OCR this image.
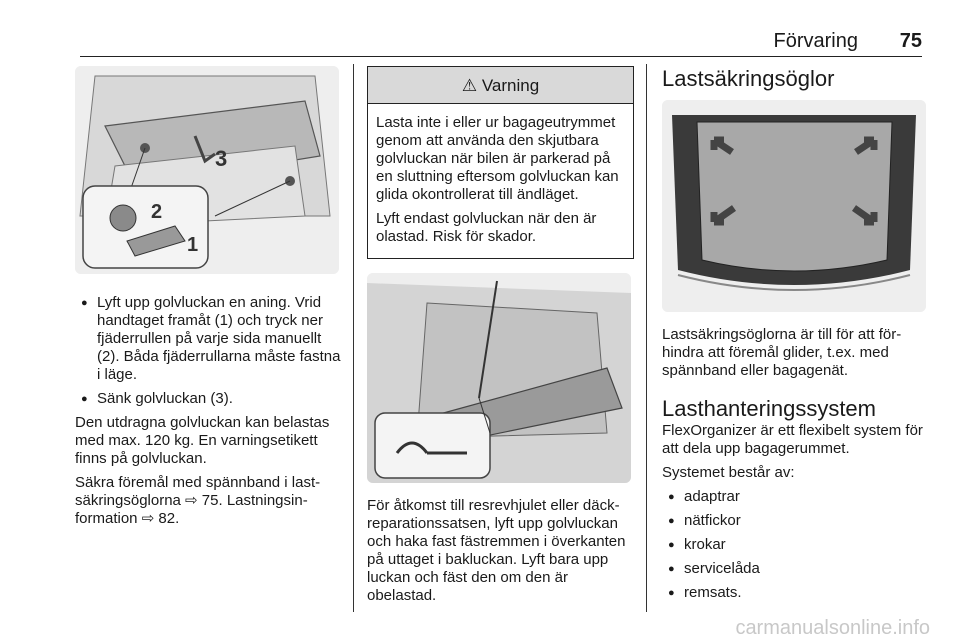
Förvaring 75
3
2
1
● Lyft upp golvluckan en aning. Vrid handtaget framåt (1) och tryck ner fjäderrullen på varje sida manuellt (2). Båda fjäderrullarna måste fastna i läge.
● Sänk golvluckan (3).

Den utdragna golvluckan kan belastas med max. 120 kg. En varningsetikett finns på golvluckan.

Säkra föremål med spännband i lastsäkringsöglorna ⇨ 75. Lastningsinformation ⇨ 82.

⚠ Varning

Lasta inte i eller ur bagageutrymmet genom att använda den skjutbara golvluckan när bilen är parkerad på en sluttning eftersom golvluckan kan glida okontrollerat till ändläget.

Lyft endast golvluckan när den är olastad. Risk för skador.

För åtkomst till resrevhjulet eller däckreparationssatsen, lyft upp golvluckan och haka fast fästremmen i överkanten på uttaget i bakluckan. Lyft bara upp luckan och fäst den om den är obelastad.

Lastsäkringsöglor

Lastsäkringsöglorna är till för att förhindra att föremål glider, t.ex. med spännband eller bagagenät.

Lasthanteringssystem

FlexOrganizer är ett flexibelt system för att dela upp bagagerummet.

Systemet består av:

● adaptrar
● nätfickor
● krokar
● servicelåda
● remsats.
carmanualsonline.info
